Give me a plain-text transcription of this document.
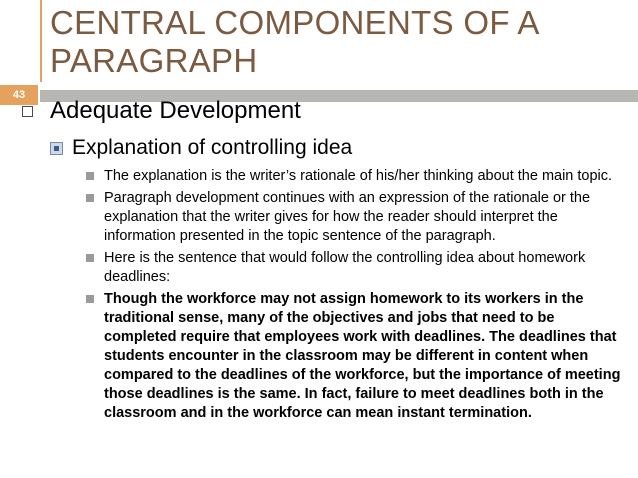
43
CENTRAL COMPONENTS OF A PARAGRAPH
Adequate Development
Explanation of controlling idea
The explanation is the writer’s rationale of his/her thinking about the main topic.
Paragraph development continues with an expression of the rationale or the explanation that the writer gives for how the reader should interpret the information presented in the topic sentence of the paragraph.
Here is the sentence that would follow the controlling idea about homework deadlines:
Though the workforce may not assign homework to its workers in the traditional sense, many of the objectives and jobs that need to be completed require that employees work with deadlines. The deadlines that students encounter in the classroom may be different in content when compared to the deadlines of the workforce, but the importance of meeting those deadlines is the same. In fact, failure to meet deadlines both in the classroom and in the workforce can mean instant termination.
